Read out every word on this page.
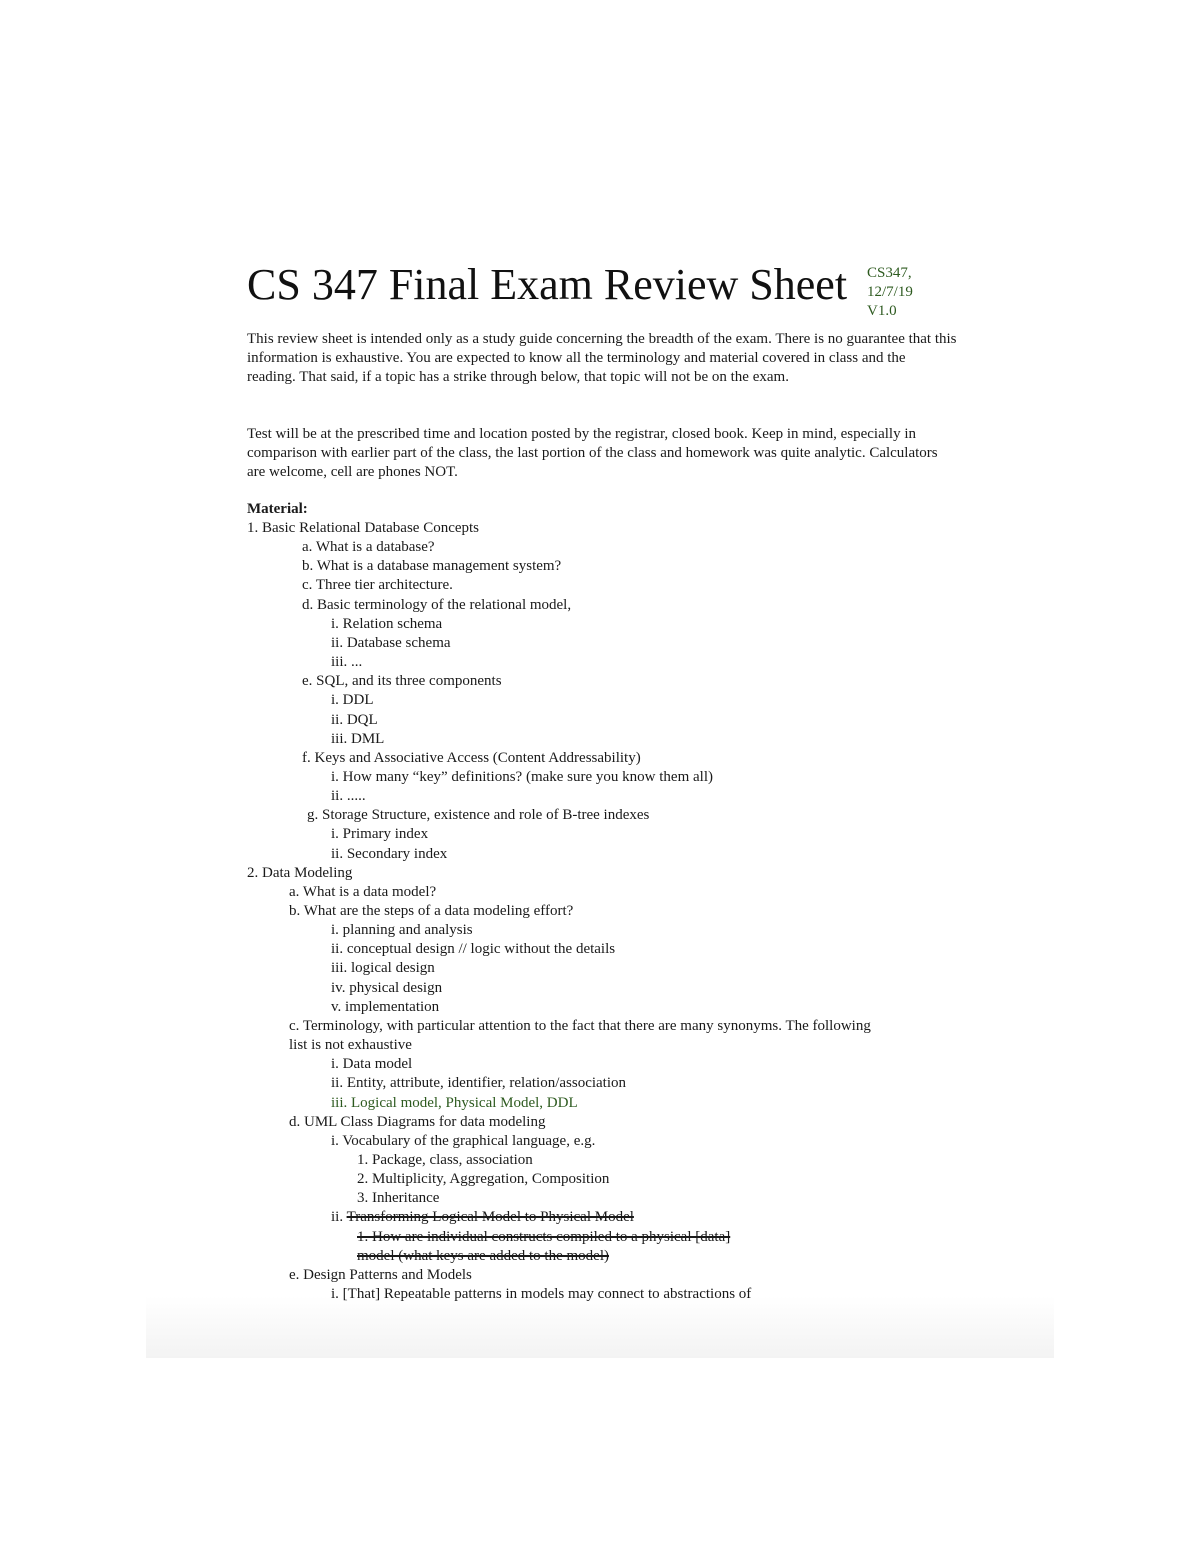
CS 347 Final Exam Review Sheet CS347,
12/7/19
V1.0

This review sheet is intended only as a study guide concerning the breadth of the exam. There is no guarantee that this information is exhaustive. You are expected to know all the terminology and material covered in class and the reading. That said, if a topic has a strike through below, that topic will not be on the exam.

Test will be at the prescribed time and location posted by the registrar, closed book. Keep in mind, especially in comparison with earlier part of the class, the last portion of the class and homework was quite analytic. Calculators are welcome, cell are phones NOT.

Material:
1. Basic Relational Database Concepts
a. What is a database?
b. What is a database management system?
c. Three tier architecture.
d. Basic terminology of the relational model,
i. Relation schema
ii. Database schema
iii. ...
e. SQL, and its three components
i. DDL
ii. DQL
iii. DML
f. Keys and Associative Access (Content Addressability)
i. How many “key” definitions? (make sure you know them all)
ii. .....
g. Storage Structure, existence and role of B-tree indexes
i. Primary index
ii. Secondary index
2. Data Modeling
a. What is a data model?
b. What are the steps of a data modeling effort?
i. planning and analysis
ii. conceptual design // logic without the details
iii. logical design
iv. physical design
v. implementation
c. Terminology, with particular attention to the fact that there are many synonyms. The following
list is not exhaustive
i. Data model
ii. Entity, attribute, identifier, relation/association
iii. Logical model, Physical Model, DDL
d. UML Class Diagrams for data modeling
i. Vocabulary of the graphical language, e.g.
1. Package, class, association
2. Multiplicity, Aggregation, Composition
3. Inheritance
ii. Transforming Logical Model to Physical Model
1. How are individual constructs compiled to a physical [data]
model (what keys are added to the model)
e. Design Patterns and Models
i. [That] Repeatable patterns in models may connect to abstractions of
